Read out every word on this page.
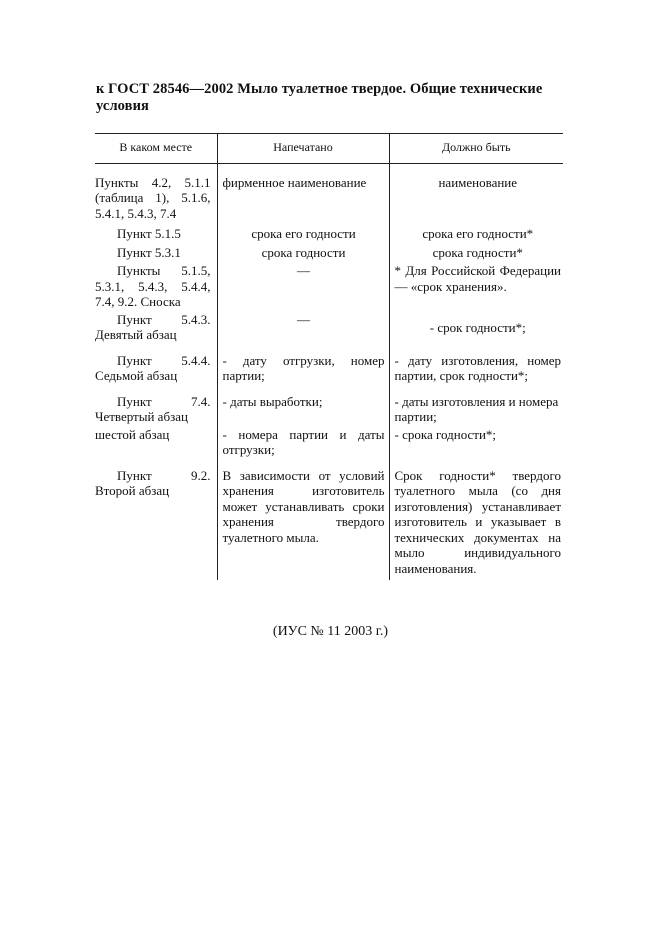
к ГОСТ 28546—2002 Мыло туалетное твердое. Общие технические условия
В каком месте	Напечатано	Должно быть
Пункты 4.2, 5.1.1 (таблица 1), 5.1.6, 5.4.1, 5.4.3, 7.4	фирменное наименование	наименование
Пункт 5.1.5	срока его годности	срока его годности*
Пункт 5.3.1	срока годности	срока годности*
Пункты 5.1.5, 5.3.1, 5.4.3, 5.4.4, 7.4, 9.2. Сноска	—	* Для Российской Федерации — «срок хранения».
Пункт 5.4.3. Девятый абзац	—	- срок годности*;
Пункт 5.4.4. Седьмой абзац	- дату отгрузки, номер партии;	- дату изготовления, номер партии, срок годности*;
Пункт 7.4. Четвертый абзац	- даты выработки;	- даты изготовления и номера партии;
шестой абзац	- номера партии и даты отгрузки;	- срока годности*;
Пункт 9.2. Второй абзац	В зависимости от условий хранения изготовитель может устанавливать сроки хранения твердого туалетного мыла.	Срок годности* твердого туалетного мыла (со дня изготовления) устанавливает изготовитель и указывает в технических документах на мыло индивидуального наименования.
(ИУС № 11 2003 г.)
